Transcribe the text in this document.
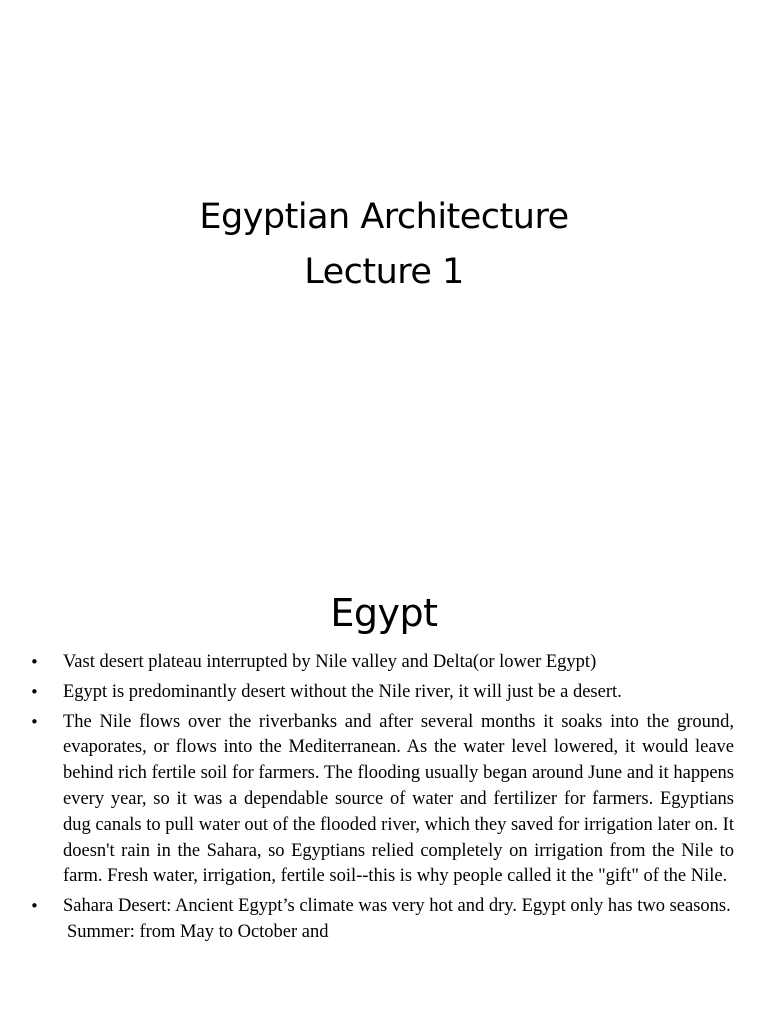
Egyptian Architecture
Lecture 1
Egypt
• Vast desert plateau interrupted by Nile valley and Delta(or lower Egypt)
• Egypt is predominantly desert without the Nile river, it will just be a desert.
• The Nile flows over the riverbanks and after several months it soaks into the ground, evaporates, or flows into the Mediterranean. As the water level lowered, it would leave behind rich fertile soil for farmers. The flooding usually began around June and it happens every year, so it was a dependable source of water and fertilizer for farmers. Egyptians dug canals to pull water out of the flooded river, which they saved for irrigation later on. It doesn't rain in the Sahara, so Egyptians relied completely on irrigation from the Nile to farm. Fresh water, irrigation, fertile soil--this is why people called it the "gift" of the Nile.
• Sahara Desert: Ancient Egypt’s climate was very hot and dry. Egypt only has two seasons.
Summer: from May to October and
